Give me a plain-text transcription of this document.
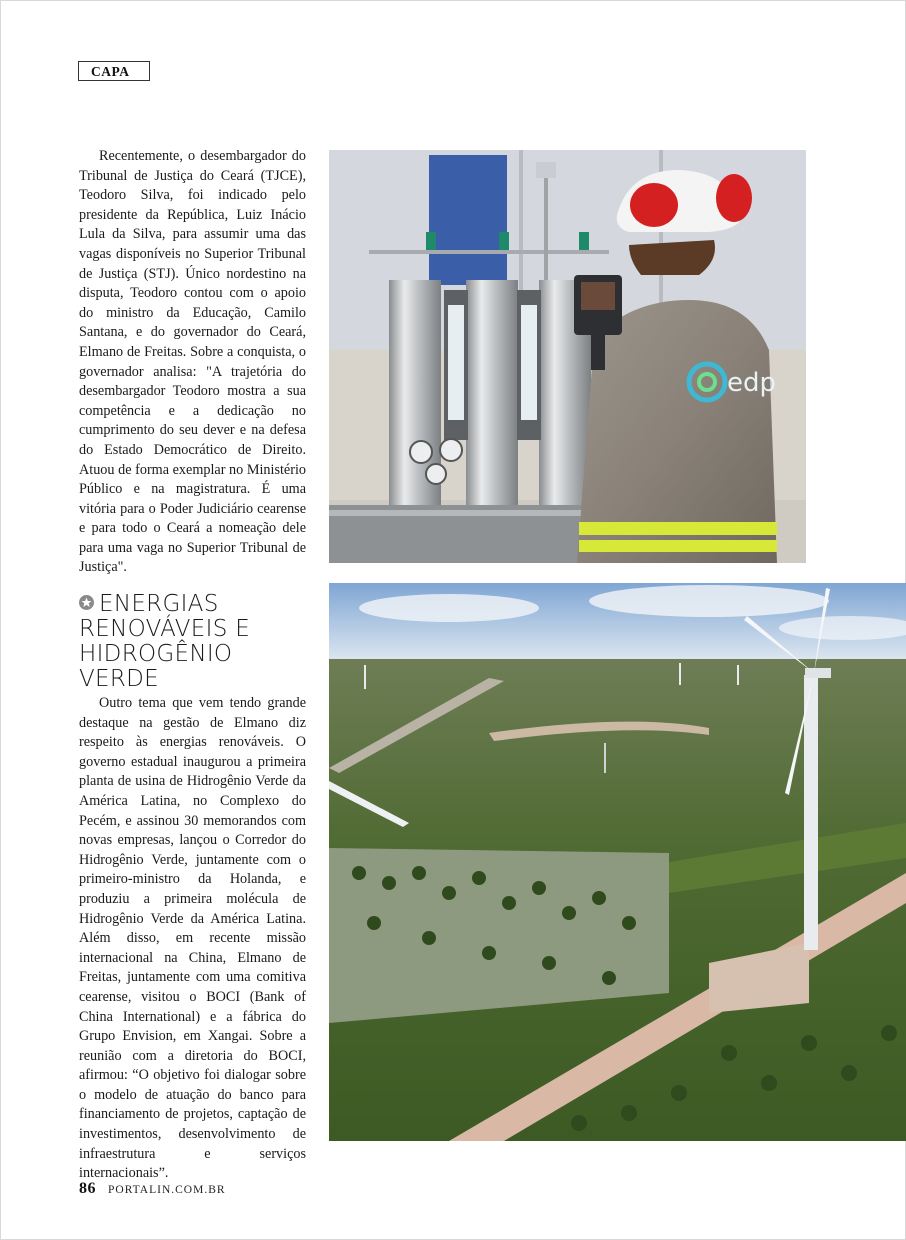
CAPA

Recentemente, o desembargador do Tribunal de Justiça do Ceará (TJCE), Teodoro Silva, foi indicado pelo presidente da República, Luiz Inácio Lula da Silva, para assumir uma das vagas disponíveis no Superior Tribunal de Justiça (STJ). Único nordestino na disputa, Teodoro contou com o apoio do ministro da Educação, Camilo Santana, e do governador do Ceará, Elmano de Freitas. Sobre a conquista, o governador analisa: "A trajetória do desembargador Teodoro mostra a sua competência e a dedicação no cumprimento do seu dever e na defesa do Estado Democrático de Direito. Atuou de forma exemplar no Ministério Público e na magistratura. É uma vitória para o Poder Judiciário cearense e para todo o Ceará a nomeação dele para uma vaga no Superior Tribunal de Justiça".

ENERGIAS
RENOVÁVEIS E
HIDROGÊNIO
VERDE

Outro tema que vem tendo grande destaque na gestão de Elmano diz respeito às energias renováveis. O governo estadual inaugurou a primeira planta de usina de Hidrogênio Verde da América Latina, no Complexo do Pecém, e assinou 30 memorandos com novas empresas, lançou o Corredor do Hidrogênio Verde, juntamente com o primeiro-ministro da Holanda, e produziu a primeira molécula de Hidrogênio Verde da América Latina. Além disso, em recente missão internacional na China, Elmano de Freitas, juntamente com uma comitiva cearense, visitou o BOCI (Bank of China International) e a fábrica do Grupo Envision, em Xangai. Sobre a reunião com a diretoria do BOCI, afirmou: “O objetivo foi dialogar sobre o modelo de atuação do banco para financiamento de projetos, captação de investimentos, desenvolvimento de infraestrutura e serviços internacionais”.

edp
86 PORTALIN.COM.BR
